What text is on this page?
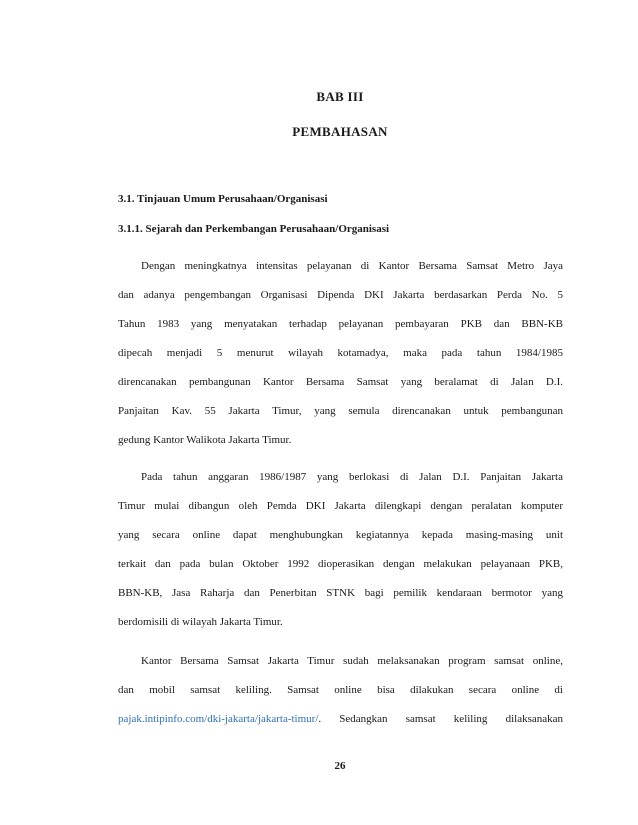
BAB III
PEMBAHASAN
3.1. Tinjauan Umum Perusahaan/Organisasi
3.1.1. Sejarah dan Perkembangan Perusahaan/Organisasi
Dengan meningkatnya intensitas pelayanan di Kantor Bersama Samsat Metro Jaya
dan adanya pengembangan Organisasi Dipenda DKI Jakarta berdasarkan Perda No. 5
Tahun 1983 yang menyatakan terhadap pelayanan pembayaran PKB dan BBN-KB
dipecah menjadi 5 menurut wilayah kotamadya, maka pada tahun 1984/1985
direncanakan pembangunan Kantor Bersama Samsat yang beralamat di Jalan D.I.
Panjaitan Kav. 55 Jakarta Timur, yang semula direncanakan untuk pembangunan
gedung Kantor Walikota Jakarta Timur.
Pada tahun anggaran 1986/1987 yang berlokasi di Jalan D.I. Panjaitan Jakarta
Timur mulai dibangun oleh Pemda DKI Jakarta dilengkapi dengan peralatan komputer
yang secara online dapat menghubungkan kegiatannya kepada masing-masing unit
terkait dan pada bulan Oktober 1992 dioperasikan dengan melakukan pelayanaan PKB,
BBN-KB, Jasa Raharja dan Penerbitan STNK bagi pemilik kendaraan bermotor yang
berdomisili di wilayah Jakarta Timur.
Kantor Bersama Samsat Jakarta Timur sudah melaksanakan program samsat online,
dan mobil samsat keliling. Samsat online bisa dilakukan secara online di
pajak.intipinfo.com/dki-jakarta/jakarta-timur/. Sedangkan samsat keliling dilaksanakan
26
